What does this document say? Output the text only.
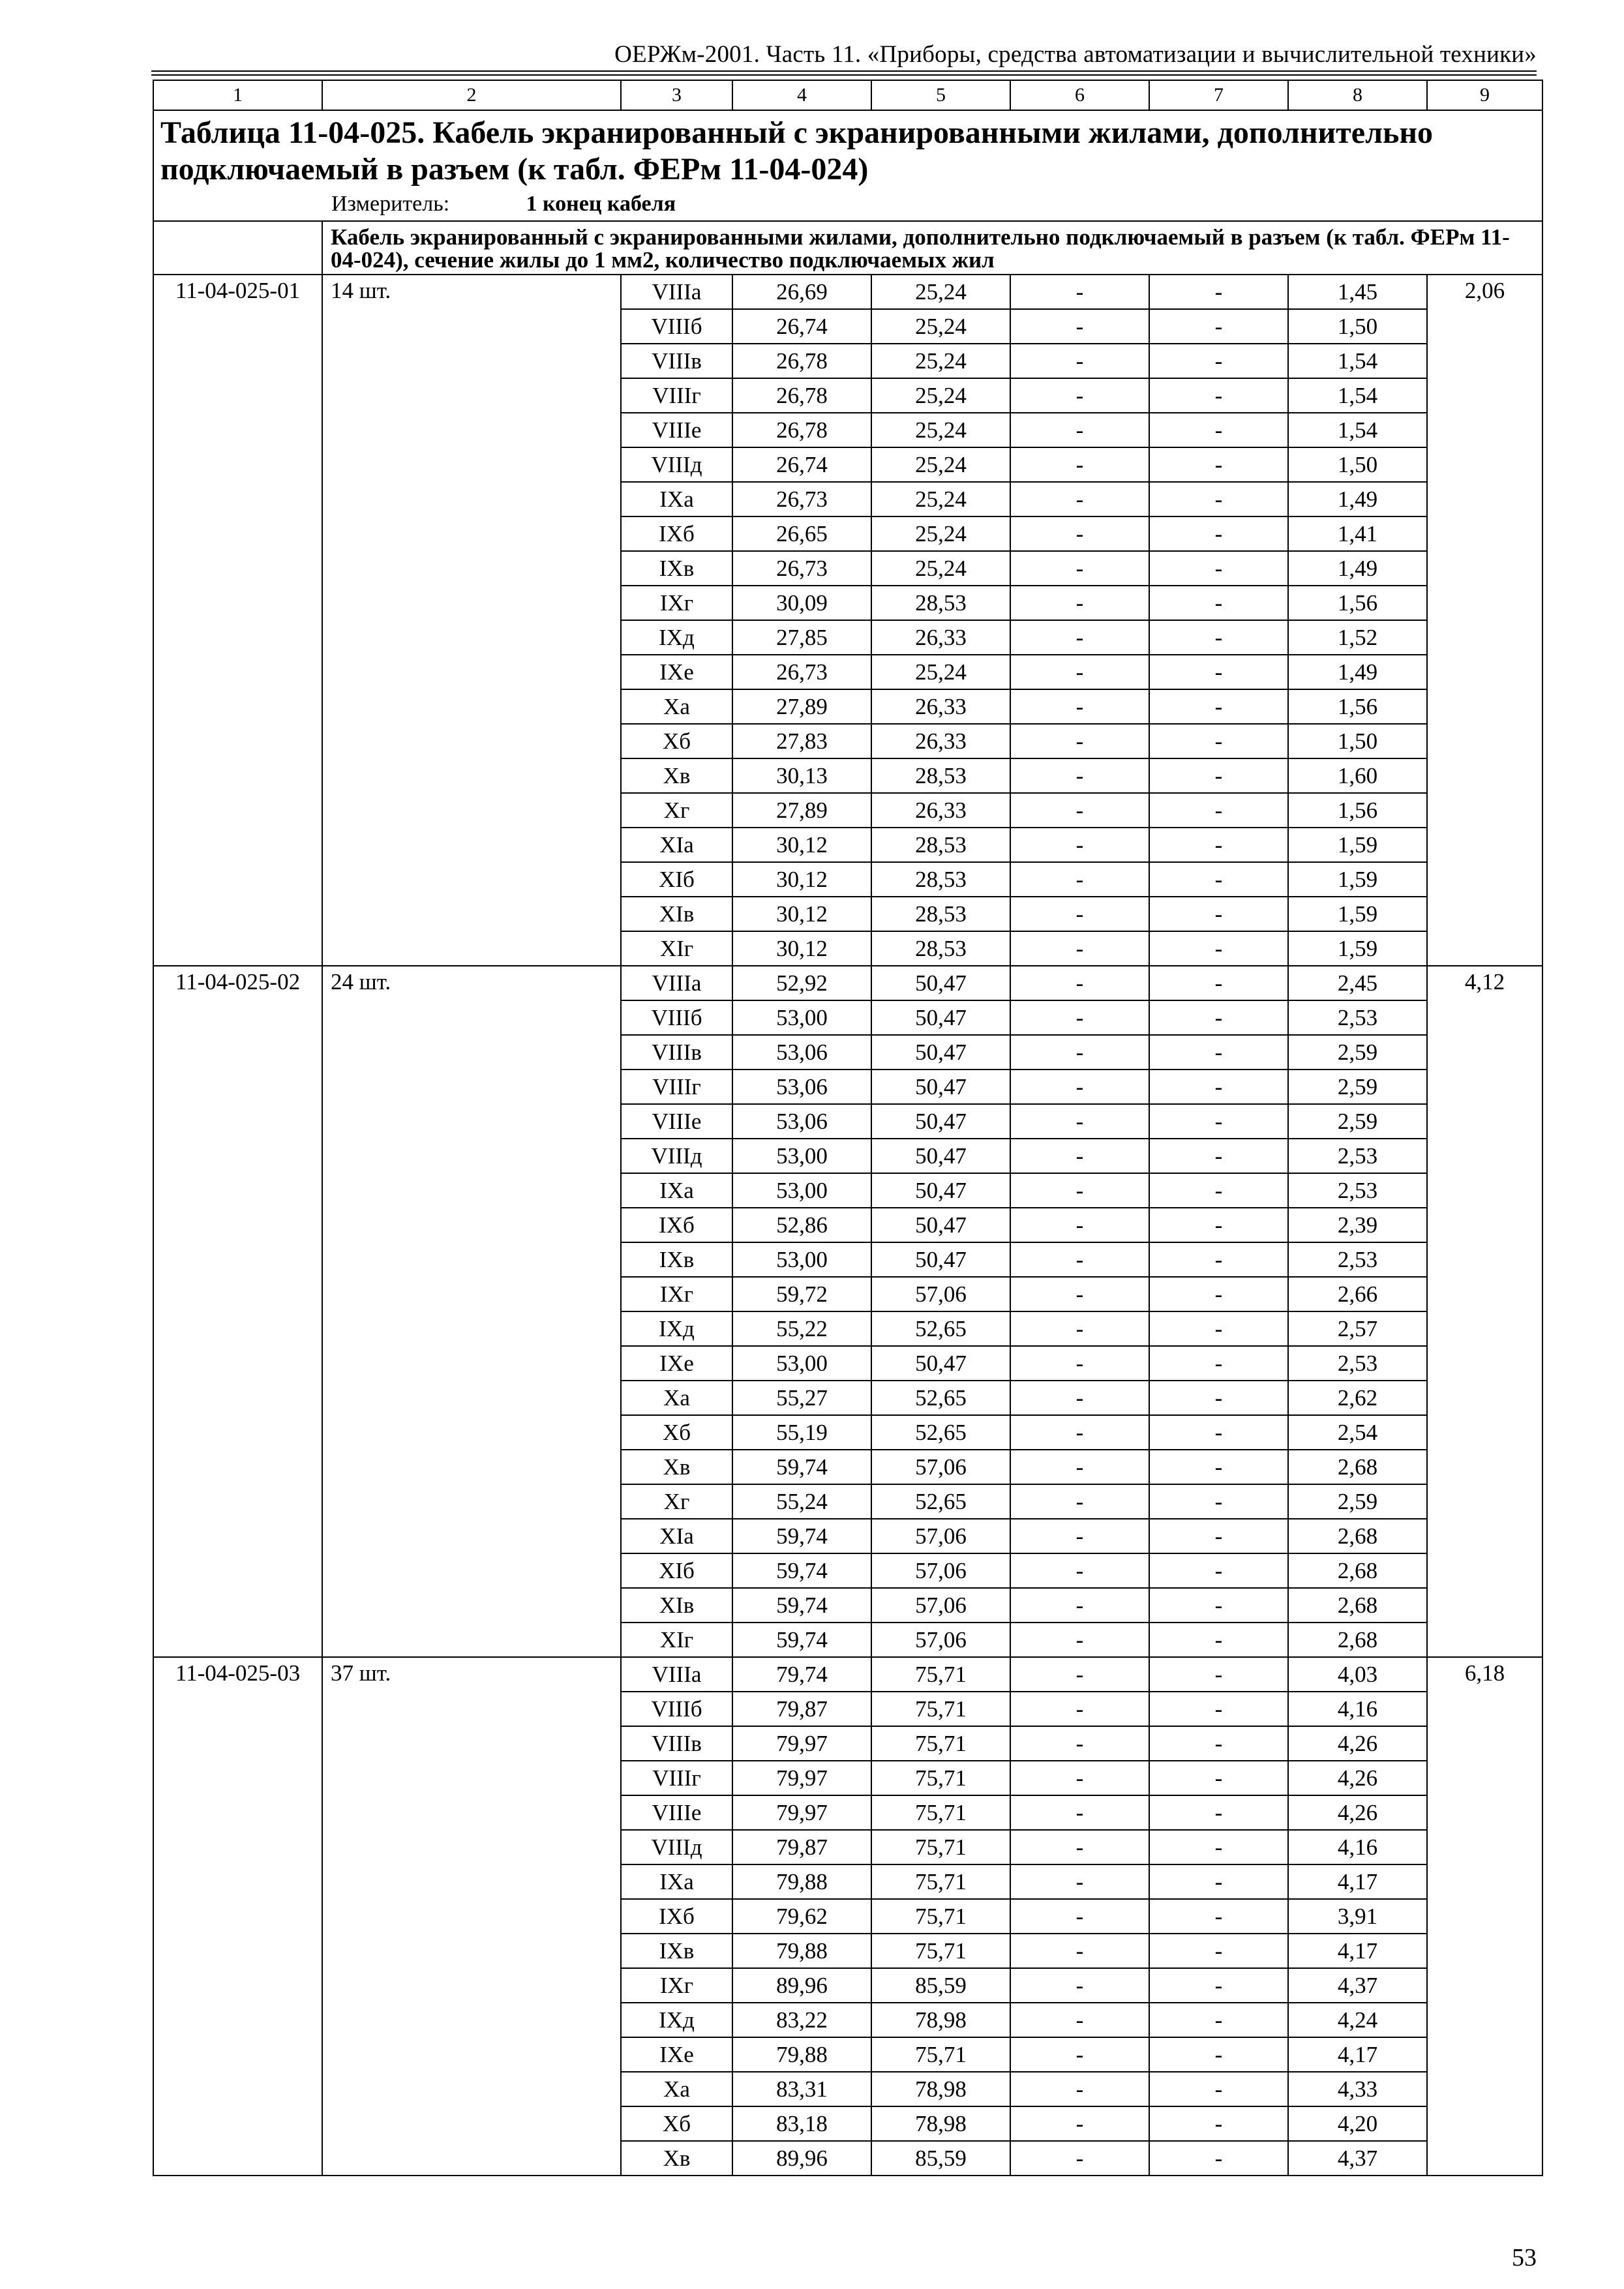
ОЕРЖм-2001. Часть 11. «Приборы, средства автоматизации и вычислительной техники»
1	2	3	4	5	6	7	8	9

Таблица 11-04-025. Кабель экранированный с экранированными жилами, дополнительно подключаемый в разъем (к табл. ФЕРм 11-04-024)
Измеритель: 1 конец кабеля								

	Кабель экранированный с экранированными жилами, дополнительно подключаемый в разъем (к табл. ФЕРм 11-04-024), сечение жилы до 1 мм2, количество подключаемых жил							
11-04-025-01	14 шт.	VIIIа	26,69	25,24	-	-	1,45	2,06
		VIIIб	26,74	25,24	-	-	1,50	
		VIIIв	26,78	25,24	-	-	1,54	
		VIIIг	26,78	25,24	-	-	1,54	
		VIIIе	26,78	25,24	-	-	1,54	
		VIIIд	26,74	25,24	-	-	1,50	
		IXа	26,73	25,24	-	-	1,49	
		IXб	26,65	25,24	-	-	1,41	
		IXв	26,73	25,24	-	-	1,49	
		IXг	30,09	28,53	-	-	1,56	
		IXд	27,85	26,33	-	-	1,52	
		IXе	26,73	25,24	-	-	1,49	
		Xа	27,89	26,33	-	-	1,56	
		Xб	27,83	26,33	-	-	1,50	
		Xв	30,13	28,53	-	-	1,60	
		Xг	27,89	26,33	-	-	1,56	
		XIа	30,12	28,53	-	-	1,59	
		XIб	30,12	28,53	-	-	1,59	
		XIв	30,12	28,53	-	-	1,59	
		XIг	30,12	28,53	-	-	1,59	
11-04-025-02	24 шт.	VIIIа	52,92	50,47	-	-	2,45	4,12
		VIIIб	53,00	50,47	-	-	2,53	
		VIIIв	53,06	50,47	-	-	2,59	
		VIIIг	53,06	50,47	-	-	2,59	
		VIIIе	53,06	50,47	-	-	2,59	
		VIIIд	53,00	50,47	-	-	2,53	
		IXа	53,00	50,47	-	-	2,53	
		IXб	52,86	50,47	-	-	2,39	
		IXв	53,00	50,47	-	-	2,53	
		IXг	59,72	57,06	-	-	2,66	
		IXд	55,22	52,65	-	-	2,57	
		IXе	53,00	50,47	-	-	2,53	
		Xа	55,27	52,65	-	-	2,62	
		Xб	55,19	52,65	-	-	2,54	
		Xв	59,74	57,06	-	-	2,68	
		Xг	55,24	52,65	-	-	2,59	
		XIа	59,74	57,06	-	-	2,68	
		XIб	59,74	57,06	-	-	2,68	
		XIв	59,74	57,06	-	-	2,68	
		XIг	59,74	57,06	-	-	2,68	
11-04-025-03	37 шт.	VIIIа	79,74	75,71	-	-	4,03	6,18
		VIIIб	79,87	75,71	-	-	4,16	
		VIIIв	79,97	75,71	-	-	4,26	
		VIIIг	79,97	75,71	-	-	4,26	
		VIIIе	79,97	75,71	-	-	4,26	
		VIIIд	79,87	75,71	-	-	4,16	
		IXа	79,88	75,71	-	-	4,17	
		IXб	79,62	75,71	-	-	3,91	
		IXв	79,88	75,71	-	-	4,17	
		IXг	89,96	85,59	-	-	4,37	
		IXд	83,22	78,98	-	-	4,24	
		IXе	79,88	75,71	-	-	4,17	
		Xа	83,31	78,98	-	-	4,33	
		Xб	83,18	78,98	-	-	4,20	
		Xв	89,96	85,59	-	-	4,37	
53
